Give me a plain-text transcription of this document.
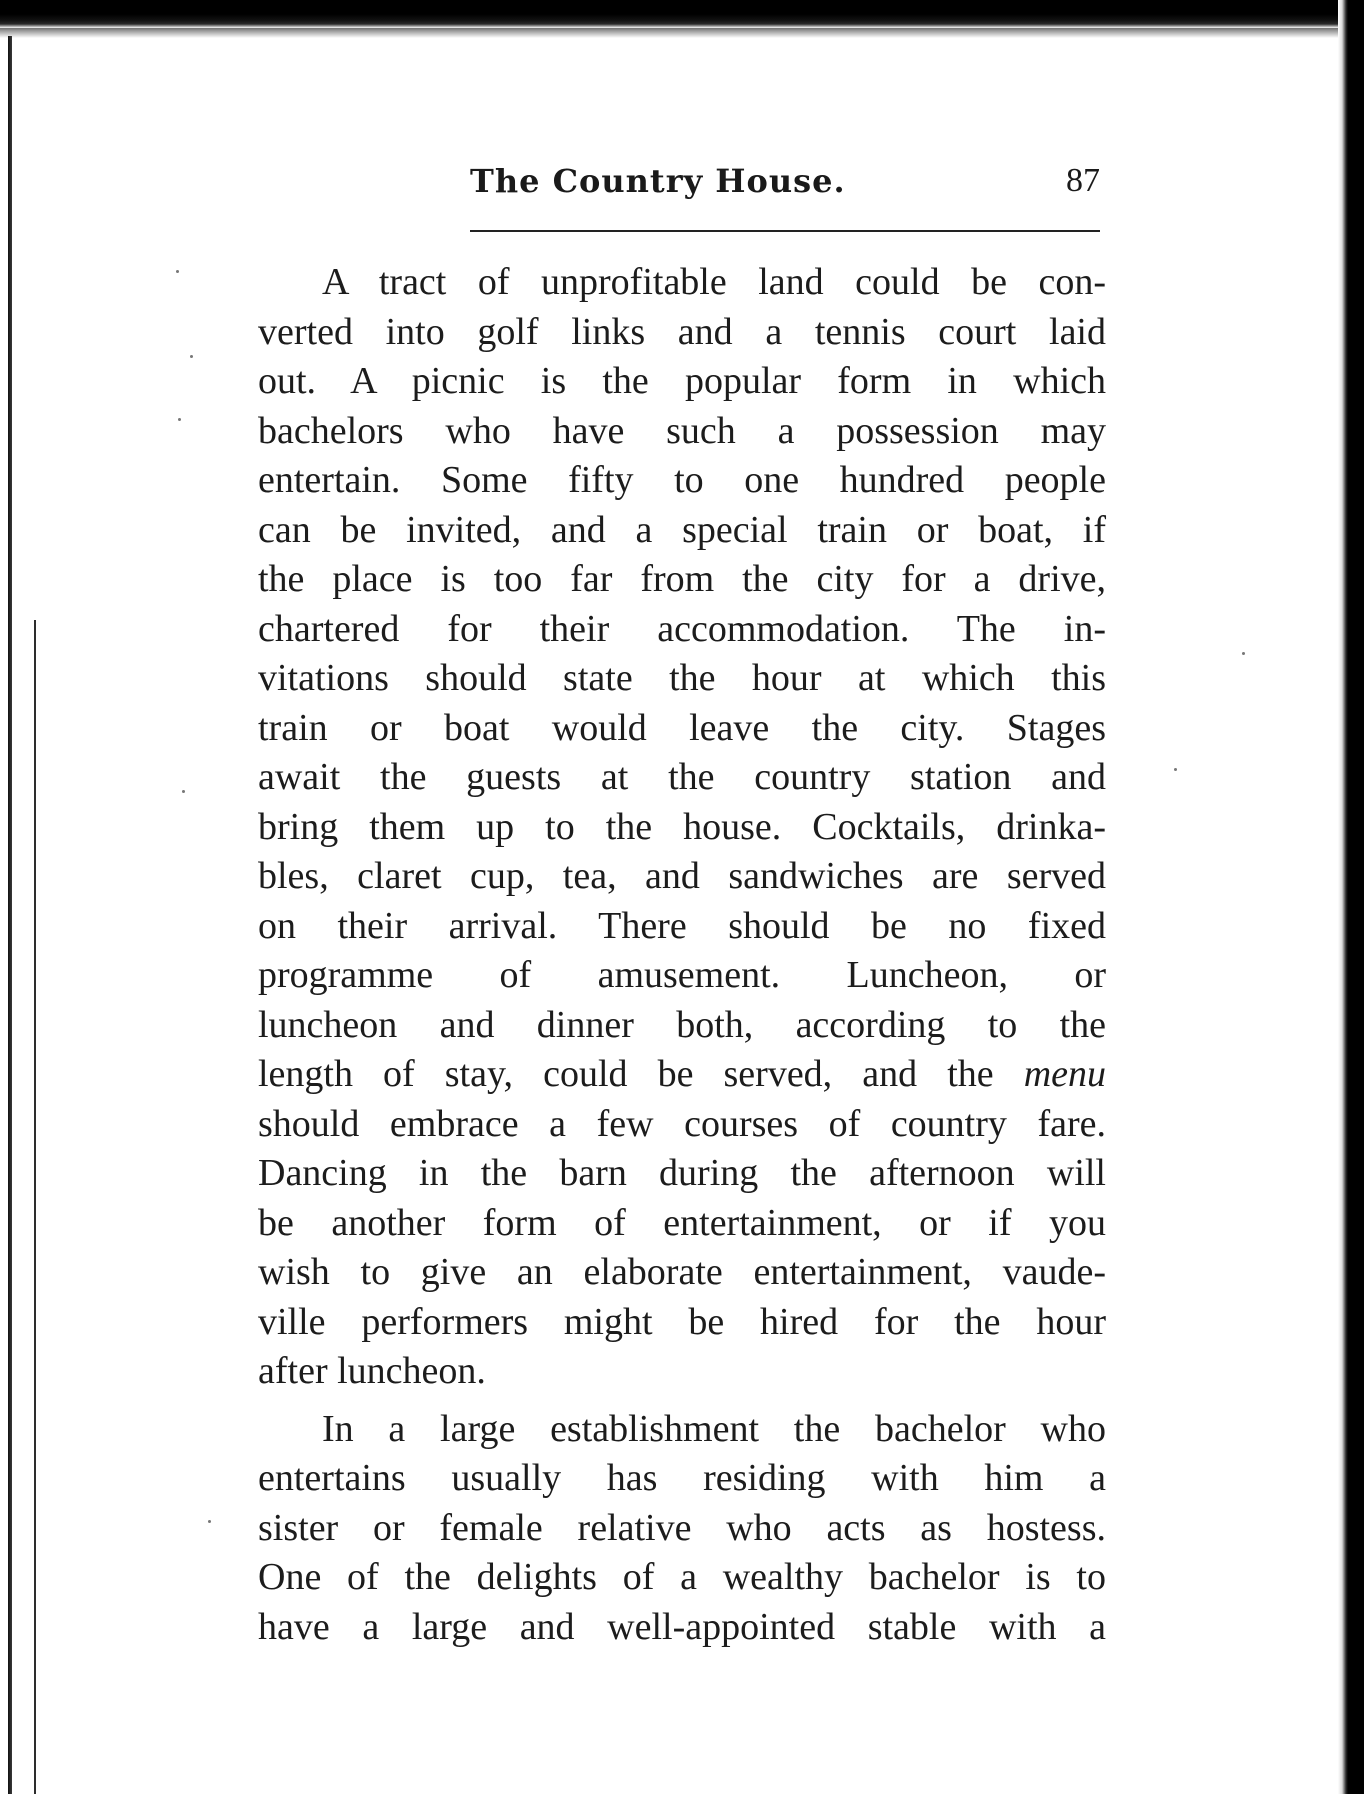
The Country House.	87
A tract of unprofitable land could be con-
verted into golf links and a tennis court laid
out. A picnic is the popular form in which
bachelors who have such a possession may
entertain. Some fifty to one hundred people
can be invited, and a special train or boat, if
the place is too far from the city for a drive,
chartered for their accommodation. The in-
vitations should state the hour at which this
train or boat would leave the city. Stages
await the guests at the country station and
bring them up to the house. Cocktails, drinka-
bles, claret cup, tea, and sandwiches are served
on their arrival. There should be no fixed
programme of amusement. Luncheon, or
luncheon and dinner both, according to the
length of stay, could be served, and the menu
should embrace a few courses of country fare.
Dancing in the barn during the afternoon will
be another form of entertainment, or if you
wish to give an elaborate entertainment, vaude-
ville performers might be hired for the hour
after luncheon.
In a large establishment the bachelor who
entertains usually has residing with him a
sister or female relative who acts as hostess.
One of the delights of a wealthy bachelor is to
have a large and well-appointed stable with a
